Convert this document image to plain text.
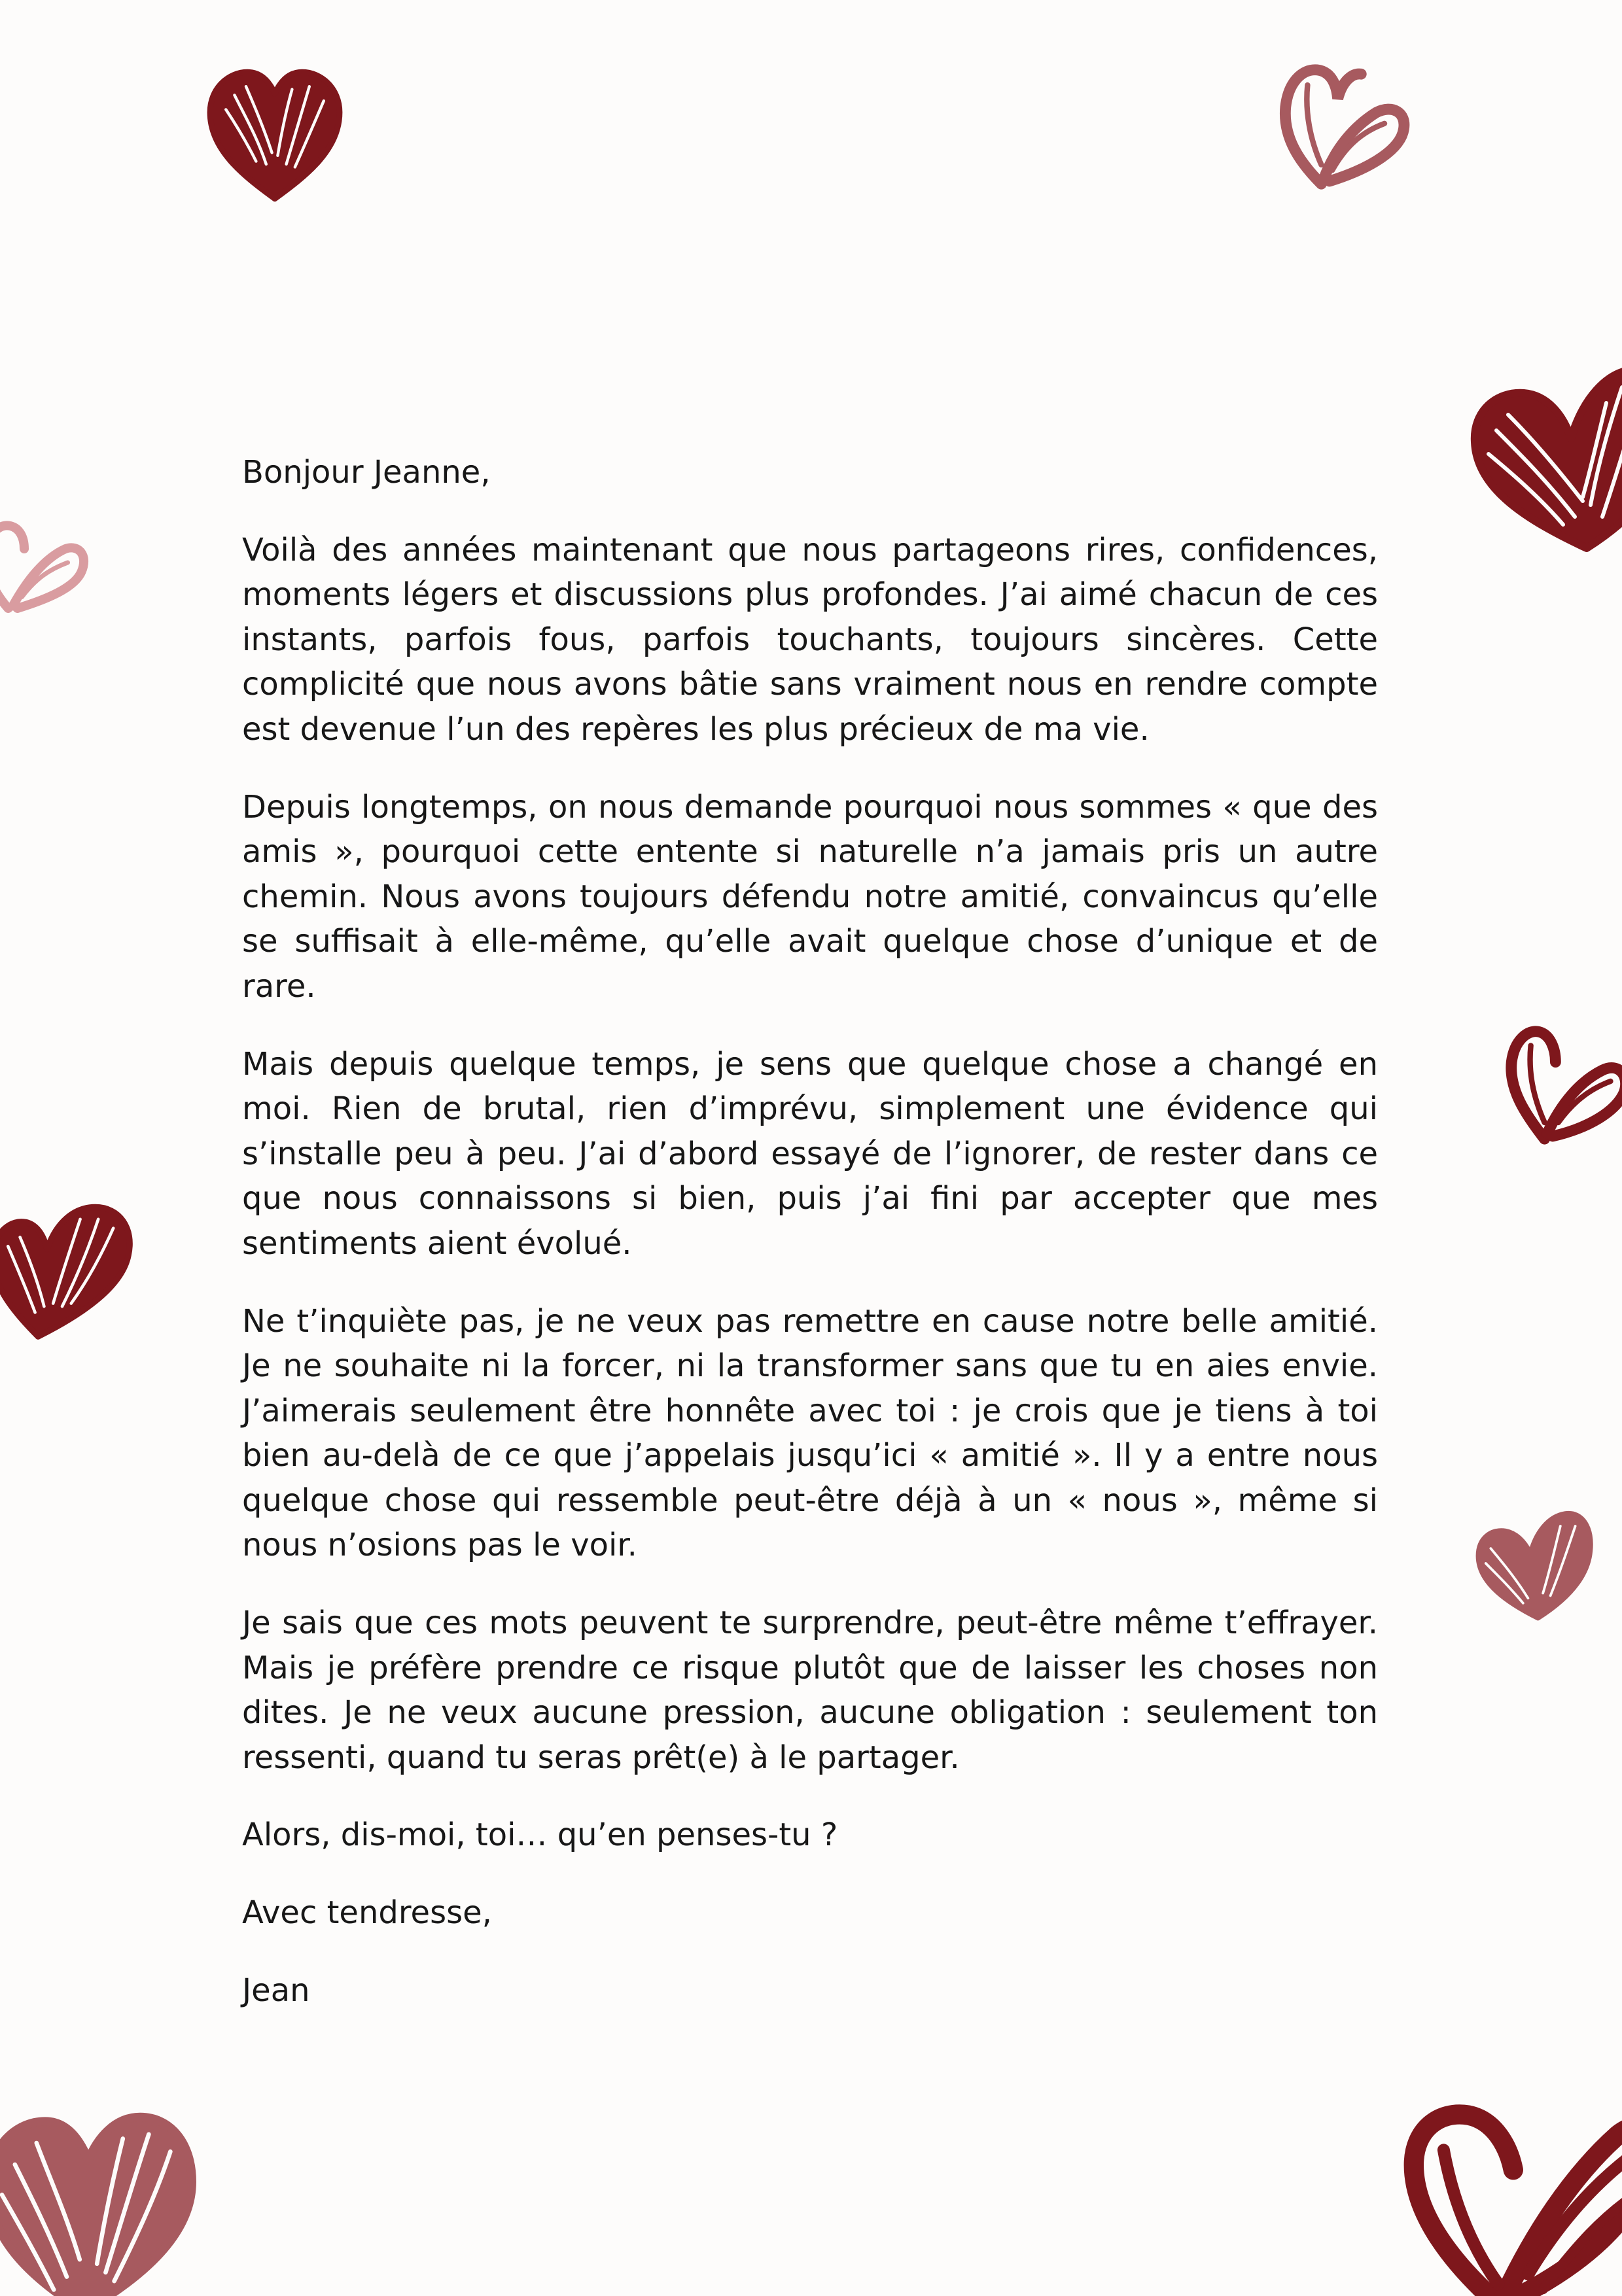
Bonjour Jeanne,

Voilà des années maintenant que nous partageons rires, confidences, moments légers et discussions plus profondes. J’ai aimé chacun de ces instants, parfois fous, parfois touchants, toujours sincères. Cette complicité que nous avons bâtie sans vraiment nous en rendre compte est devenue l’un des repères les plus précieux de ma vie.

Depuis longtemps, on nous demande pourquoi nous sommes « que des amis », pourquoi cette entente si naturelle n’a jamais pris un autre chemin. Nous avons toujours défendu notre amitié, convaincus qu’elle se suffisait à elle-même, qu’elle avait quelque chose d’unique et de rare.

Mais depuis quelque temps, je sens que quelque chose a changé en moi. Rien de brutal, rien d’imprévu, simplement une évidence qui s’installe peu à peu. J’ai d’abord essayé de l’ignorer, de rester dans ce que nous connaissons si bien, puis j’ai fini par accepter que mes sentiments aient évolué.

Ne t’inquiète pas, je ne veux pas remettre en cause notre belle amitié. Je ne souhaite ni la forcer, ni la transformer sans que tu en aies envie. J’aimerais seulement être honnête avec toi : je crois que je tiens à toi bien au-delà de ce que j’appelais jusqu’ici « amitié ». Il y a entre nous quelque chose qui ressemble peut-être déjà à un « nous », même si nous n’osions pas le voir.

Je sais que ces mots peuvent te surprendre, peut-être même t’effrayer. Mais je préfère prendre ce risque plutôt que de laisser les choses non dites. Je ne veux aucune pression, aucune obligation : seulement ton ressenti, quand tu seras prêt(e) à le partager.

Alors, dis-moi, toi… qu’en penses-tu ?

Avec tendresse,

Jean
